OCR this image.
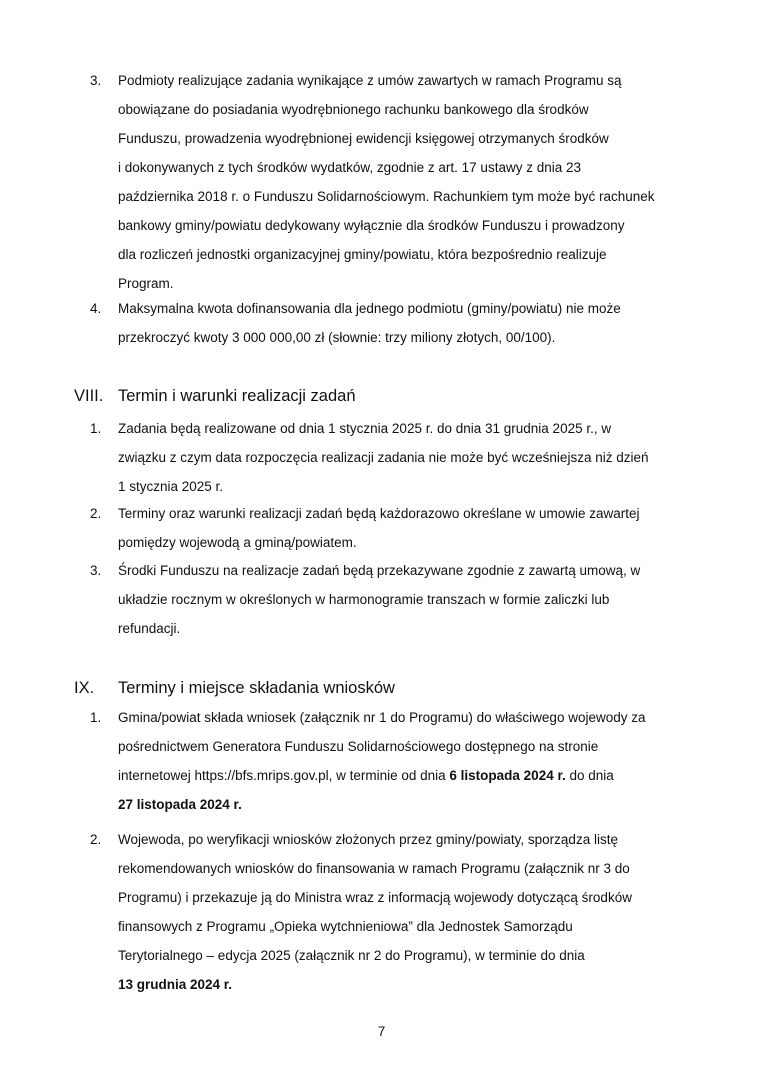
3.	Podmioty realizujące zadania wynikające z umów zawartych w ramach Programu są
obowiązane do posiadania wyodrębnionego rachunku bankowego dla środków
Funduszu, prowadzenia wyodrębnionej ewidencji księgowej otrzymanych środków
i dokonywanych z tych środków wydatków, zgodnie z art. 17 ustawy z dnia 23
października 2018 r. o Funduszu Solidarnościowym. Rachunkiem tym może być rachunek
bankowy gminy/powiatu dedykowany wyłącznie dla środków Funduszu i prowadzony
dla rozliczeń jednostki organizacyjnej gminy/powiatu, która bezpośrednio realizuje
Program.
4.	Maksymalna kwota dofinansowania dla jednego podmiotu (gminy/powiatu) nie może
przekroczyć kwoty 3 000 000,00 zł (słownie: trzy miliony złotych, 00/100).
VIII. Termin i warunki realizacji zadań
1.	Zadania będą realizowane od dnia 1 stycznia 2025 r. do dnia 31 grudnia 2025 r., w
związku z czym data rozpoczęcia realizacji zadania nie może być wcześniejsza niż dzień
1 stycznia 2025 r.
2.	Terminy oraz warunki realizacji zadań będą każdorazowo określane w umowie zawartej
pomiędzy wojewodą a gminą/powiatem.
3.	Środki Funduszu na realizacje zadań będą przekazywane zgodnie z zawartą umową, w
układzie rocznym w określonych w harmonogramie transzach w formie zaliczki lub
refundacji.
IX.	Terminy i miejsce składania wniosków
1.	Gmina/powiat składa wniosek (załącznik nr 1 do Programu) do właściwego wojewody za
pośrednictwem Generatora Funduszu Solidarnościowego dostępnego na stronie
internetowej https://bfs.mrips.gov.pl, w terminie od dnia 6 listopada 2024 r. do dnia
27 listopada 2024 r.
2.	Wojewoda, po weryfikacji wniosków złożonych przez gminy/powiaty, sporządza listę
rekomendowanych wniosków do finansowania w ramach Programu (załącznik nr 3 do
Programu) i przekazuje ją do Ministra wraz z informacją wojewody dotyczącą środków
finansowych z Programu „Opieka wytchnieniowa” dla Jednostek Samorządu
Terytorialnego – edycja 2025 (załącznik nr 2 do Programu), w terminie do dnia
13 grudnia 2024 r.
7
